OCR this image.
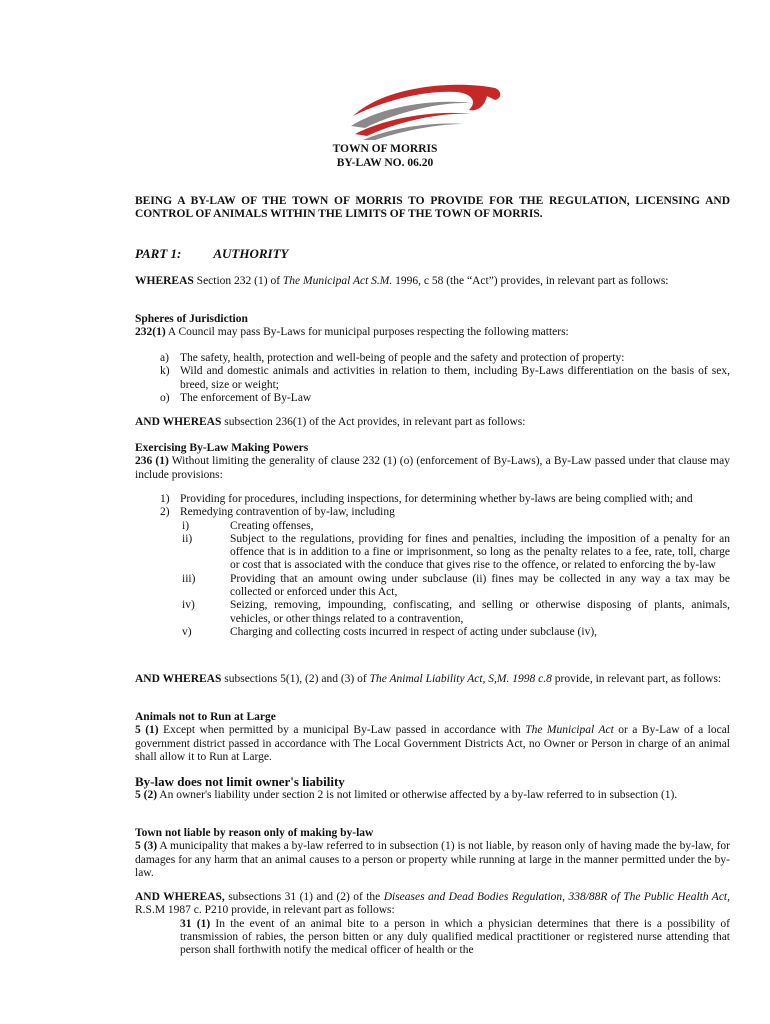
TOWN OF MORRIS
BY-LAW NO. 06.20
BEING A BY-LAW OF THE TOWN OF MORRIS TO PROVIDE FOR THE REGULATION, LICENSING AND CONTROL OF ANIMALS WITHIN THE LIMITS OF THE TOWN OF MORRIS.
PART 1: AUTHORITY
WHEREAS Section 232 (1) of The Municipal Act S.M. 1996, c 58 (the “Act”) provides, in relevant part as follows:
Spheres of Jurisdiction
232(1) A Council may pass By-Laws for municipal purposes respecting the following matters:
a) The safety, health, protection and well-being of people and the safety and protection of property:
k) Wild and domestic animals and activities in relation to them, including By-Laws differentiation on the basis of sex, breed, size or weight;
o) The enforcement of By-Law
AND WHEREAS subsection 236(1) of the Act provides, in relevant part as follows:
Exercising By-Law Making Powers
236 (1) Without limiting the generality of clause 232 (1) (o) (enforcement of By-Laws), a By-Law passed under that clause may include provisions:
1) Providing for procedures, including inspections, for determining whether by-laws are being complied with; and
2) Remedying contravention of by-law, including
i)	Creating offenses,
ii)	Subject to the regulations, providing for fines and penalties, including the imposition of a penalty for an offence that is in addition to a fine or imprisonment, so long as the penalty relates to a fee, rate, toll, charge or cost that is associated with the conduce that gives rise to the offence, or related to enforcing the by-law
iii)	Providing that an amount owing under subclause (ii) fines may be collected in any way a tax may be collected or enforced under this Act,
iv)	Seizing, removing, impounding, confiscating, and selling or otherwise disposing of plants, animals, vehicles, or other things related to a contravention,
v)	Charging and collecting costs incurred in respect of acting under subclause (iv),
AND WHEREAS subsections 5(1), (2) and (3) of The Animal Liability Act, S,M. 1998 c.8 provide, in relevant part, as follows:
Animals not to Run at Large
5 (1) Except when permitted by a municipal By-Law passed in accordance with The Municipal Act or a By-Law of a local government district passed in accordance with The Local Government Districts Act, no Owner or Person in charge of an animal shall allow it to Run at Large.
By-law does not limit owner's liability
5 (2) An owner's liability under section 2 is not limited or otherwise affected by a by-law referred to in subsection (1).
Town not liable by reason only of making by-law
5 (3) A municipality that makes a by-law referred to in subsection (1) is not liable, by reason only of having made the by-law, for damages for any harm that an animal causes to a person or property while running at large in the manner permitted under the by-law.
AND WHEREAS, subsections 31 (1) and (2) of the Diseases and Dead Bodies Regulation, 338/88R of The Public Health Act, R.S.M 1987 c. P210 provide, in relevant part as follows:
31 (1) In the event of an animal bite to a person in which a physician determines that there is a possibility of transmission of rabies, the person bitten or any duly qualified medical practitioner or registered nurse attending that person shall forthwith notify the medical officer of health or the
